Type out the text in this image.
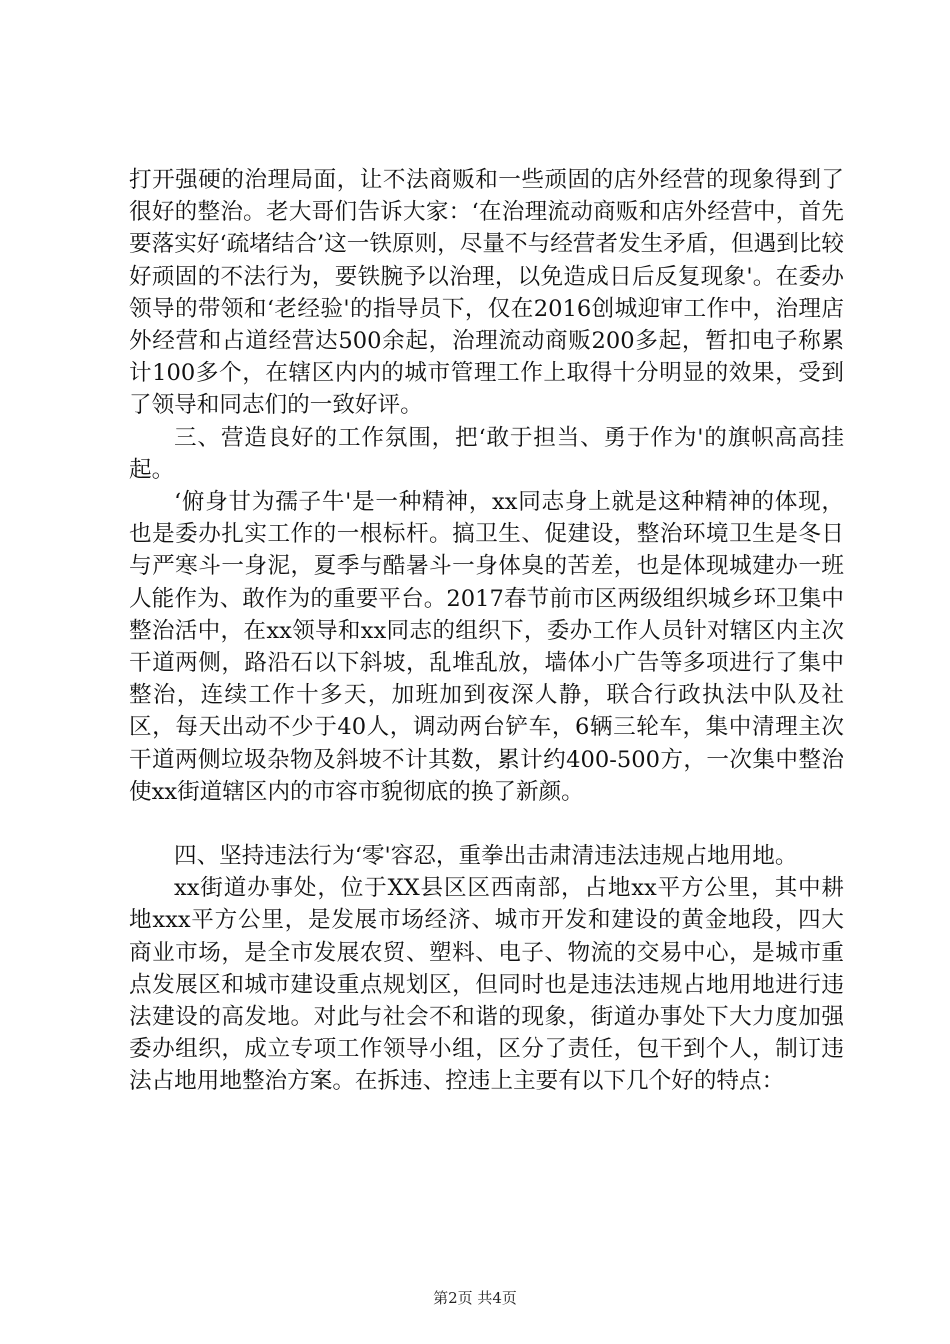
打开强硬的治理局面，让不法商贩和一些顽固的店外经营的现象得到了很好的整治。老大哥们告诉大家：‘在治理流动商贩和店外经营中，首先要落实好‘疏堵结合’这一铁原则，尽量不与经营者发生矛盾，但遇到比较好顽固的不法行为，要铁腕予以治理，以免造成日后反复现象'。在委办领导的带领和‘老经验'的指导员下，仅在2016创城迎审工作中，治理店外经营和占道经营达500余起，治理流动商贩200多起，暂扣电子称累计100多个，在辖区内内的城市管理工作上取得十分明显的效果，受到了领导和同志们的一致好评。

三、营造良好的工作氛围，把‘敢于担当、勇于作为'的旗帜高高挂起。

‘俯身甘为孺子牛'是一种精神，xx同志身上就是这种精神的体现，也是委办扎实工作的一根标杆。搞卫生、促建设，整治环境卫生是冬日与严寒斗一身泥，夏季与酷暑斗一身体臭的苦差，也是体现城建办一班人能作为、敢作为的重要平台。2017春节前市区两级组织城乡环卫集中整治活中，在xx领导和xx同志的组织下，委办工作人员针对辖区内主次干道两侧，路沿石以下斜坡，乱堆乱放，墙体小广告等多项进行了集中整治，连续工作十多天，加班加到夜深人静，联合行政执法中队及社区，每天出动不少于40人，调动两台铲车，6辆三轮车，集中清理主次干道两侧垃圾杂物及斜坡不计其数，累计约400-500方，一次集中整治使xx街道辖区内的市容市貌彻底的换了新颜。

四、坚持违法行为‘零'容忍，重拳出击肃清违法违规占地用地。

xx街道办事处，位于XX县区区西南部，占地xx平方公里，其中耕地xxx平方公里，是发展市场经济、城市开发和建设的黄金地段，四大商业市场，是全市发展农贸、塑料、电子、物流的交易中心，是城市重点发展区和城市建设重点规划区，但同时也是违法违规占地用地进行违法建设的高发地。对此与社会不和谐的现象，街道办事处下大力度加强委办组织，成立专项工作领导小组，区分了责任，包干到个人，制订违法占地用地整治方案。在拆违、控违上主要有以下几个好的特点：

第2页 共4页
